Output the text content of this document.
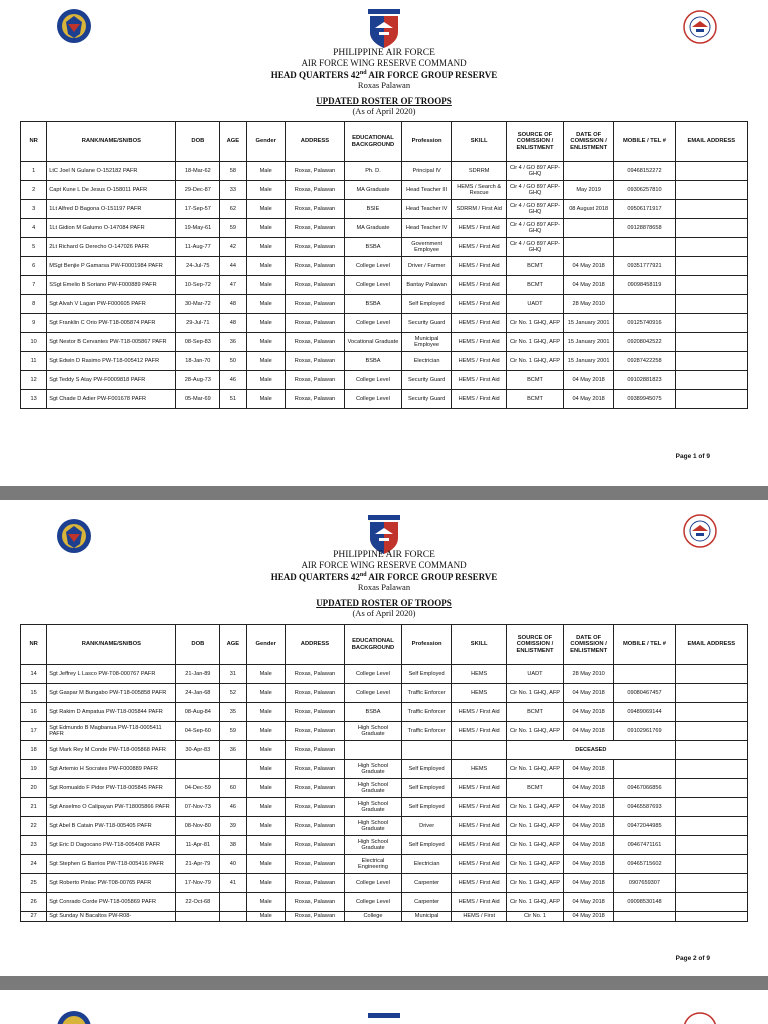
PHILIPPINE AIR FORCE
AIR FORCE WING RESERVE COMMAND
HEAD QUARTERS 42nd AIR FORCE GROUP RESERVE
Roxas Palawan
UPDATED ROSTER OF TROOPS
(As of April 2020)
NR	RANK/NAME/SN/BOS	DOB	AGE	Gender	ADDRESS	EDUCATIONAL BACKGROUND	Profession	SKILL	SOURCE OF COMISSION / ENLISTMENT	DATE OF COMISSION / ENLISTMENT	MOBILE / TEL #	EMAIL ADDRESS
1	LtC Joel N Gulane O-152182 PAFR	18-Mar-62	58	Male	Roxas, Palawan	Ph. D.	Principal IV	SDRRM	Cir 4 / GO 897 AFP-GHQ		09468152272	
2	Capt Kune L De Jesus O-158011 PAFR	29-Dec-87	33	Male	Roxas, Palawan	MA Graduate	Head Teacher III	HEMS / Search & Rescue	Cir 4 / GO 897 AFP-GHQ	May 2019	09306257810	
3	1Lt Alfred D Bagona O-151197 PAFR	17-Sep-57	62	Male	Roxas, Palawan	BSIE	Head Teacher IV	SDRRM / First Aid	Cir 4 / GO 897 AFP-GHQ	08 August 2018	09506171917	
4	1Lt Gidion M Galumo O-147084 PAFR	19-May-61	59	Male	Roxas, Palawan	MA Graduate	Head Teacher IV	HEMS / First Aid	Cir 4 / GO 897 AFP-GHQ		09128878658	
5	2Lt Richard G Derecho O-147026 PAFR	11-Aug-77	42	Male	Roxas, Palawan	BSBA	Government Employee	HEMS / First Aid	Cir 4 / GO 897 AFP-GHQ			
6	MSgt Benjie P Gamarsa PW-F0001984 PAFR	24-Jul-75	44	Male	Roxas, Palawan	College Level	Driver / Farmer	HEMS / First Aid	BCMT	04 May 2018	09351777921	
7	SSgt Emelio B Soriano PW-F000889 PAFR	10-Sep-72	47	Male	Roxas, Palawan	College Level	Bantay Palawan	HEMS / First Aid	BCMT	04 May 2018	09098458119	
8	Sgt Alvah V Lagan PW-F000605 PAFR	30-Mar-72	48	Male	Roxas, Palawan	BSBA	Self Employed	HEMS / First Aid	UADT	28 May 2010		
9	Sgt Franklin C Orio PW-T18-005874 PAFR	29-Jul-71	48	Male	Roxas, Palawan	College Level	Security Guard	HEMS / First Aid	Cir No. 1 GHQ, AFP	15 January 2001	09125740916	
10	Sgt Nestor B Cervantes PW-T18-005867 PAFR	08-Sep-83	36	Male	Roxas, Palawan	Vocational Graduate	Municipal Employee	HEMS / First Aid	Cir No. 1 GHQ, AFP	15 January 2001	09208042522	
11	Sgt Edwin D Rasimo PW-T18-005412 PAFR	18-Jan-70	50	Male	Roxas, Palawan	BSBA	Electrician	HEMS / First Aid	Cir No. 1 GHQ, AFP	15 January 2001	09287422258	
12	Sgt Teddy S Atay PW-F0009818 PAFR	28-Aug-73	46	Male	Roxas, Palawan	College Level	Security Guard	HEMS / First Aid	BCMT	04 May 2018	09102881823	
13	Sgt Chade D Adier PW-F001678 PAFR	05-Mar-69	51	Male	Roxas, Palawan	College Level	Security Guard	HEMS / First Aid	BCMT	04 May 2018	09389945075	
Page 1 of 9
PHILIPPINE AIR FORCE
AIR FORCE WING RESERVE COMMAND
HEAD QUARTERS 42nd AIR FORCE GROUP RESERVE
Roxas Palawan
UPDATED ROSTER OF TROOPS
(As of April 2020)
NR	RANK/NAME/SN/BOS	DOB	AGE	Gender	ADDRESS	EDUCATIONAL BACKGROUND	Profession	SKILL	SOURCE OF COMISSION / ENLISTMENT	DATE OF COMISSION / ENLISTMENT	MOBILE / TEL #	EMAIL ADDRESS
14	Sgt Jeffrey L Lasco PW-T08-000767 PAFR	21-Jan-89	31	Male	Roxas, Palawan	College Level	Self Employed	HEMS	UADT	28 May 2010		
15	Sgt Gaspar M Bungabo PW-T18-005858 PAFR	24-Jan-68	52	Male	Roxas, Palawan	College Level	Traffic Enforcer	HEMS	Cir No. 1 GHQ, AFP	04 May 2018	09080467457	
16	Sgt Rakim D Ampatua PW-T18-005844 PAFR	08-Aug-84	35	Male	Roxas, Palawan	BSBA	Traffic Enforcer	HEMS / First Aid	BCMT	04 May 2018	09489069144	
17	Sgt Edmundo B Magbanua PW-T18-0005411 PAFR	04-Sep-60	59	Male	Roxas, Palawan	High School Graduate	Traffic Enforcer	HEMS / First Aid	Cir No. 1 GHQ, AFP	04 May 2018	09102961769	
18	Sgt Mark Rey M Conde PW-T18-005868 PAFR	30-Apr-83	36	Male	Roxas, Palawan				DECEASED			
19	Sgt Artemio H Socrates PW-F000889 PAFR			Male	Roxas, Palawan	High School Graduate	Self Employed	HEMS	Cir No. 1 GHQ, AFP	04 May 2018		
20	Sgt Romualdo F Pidor PW-T18-005845 PAFR	04-Dec-59	60	Male	Roxas, Palawan	High School Graduate	Self Employed	HEMS / First Aid	BCMT	04 May 2018	09467066856	
21	Sgt Anselmo O Calipayan PW-T18005866 PAFR	07-Nov-73	46	Male	Roxas, Palawan	High School Graduate	Self Employed	HEMS / First Aid	Cir No. 1 GHQ, AFP	04 May 2018	09465587693	
22	Sgt Abel B Catain PW-T18-005405 PAFR	08-Nov-80	39	Male	Roxas, Palawan	High School Graduate	Driver	HEMS / First Aid	Cir No. 1 GHQ, AFP	04 May 2018	09472044985	
23	Sgt Eric D Dagocano PW-T18-005408 PAFR	11-Apr-81	38	Male	Roxas, Palawan	High School Graduate	Self Employed	HEMS / First Aid	Cir No. 1 GHQ, AFP	04 May 2018	09467471161	
24	Sgt Stephen G Barrios PW-T18-005416 PAFR	21-Apr-79	40	Male	Roxas, Palawan	Electrical Engineering	Electrician	HEMS / First Aid	Cir No. 1 GHQ, AFP	04 May 2018	09465715602	
25	Sgt Roberto Pinlac PW-T08-00765 PAFR	17-Nov-79	41	Male	Roxas, Palawan	College Level	Carpenter	HEMS / First Aid	Cir No. 1 GHQ, AFP	04 May 2018	0907659307	
26	Sgt Conrado Corde PW-T18-005869 PAFR	22-Oct-68		Male	Roxas, Palawan	College Level	Carpenter	HEMS / First Aid	Cir No. 1 GHQ, AFP	04 May 2018	09098530148	
27	Sgt Sunday N Bacaltos PW-R08-			Male	Roxas, Palawan	College	Municipal	HEMS / First	Cir No. 1	04 May 2018		
Page 2 of 9
